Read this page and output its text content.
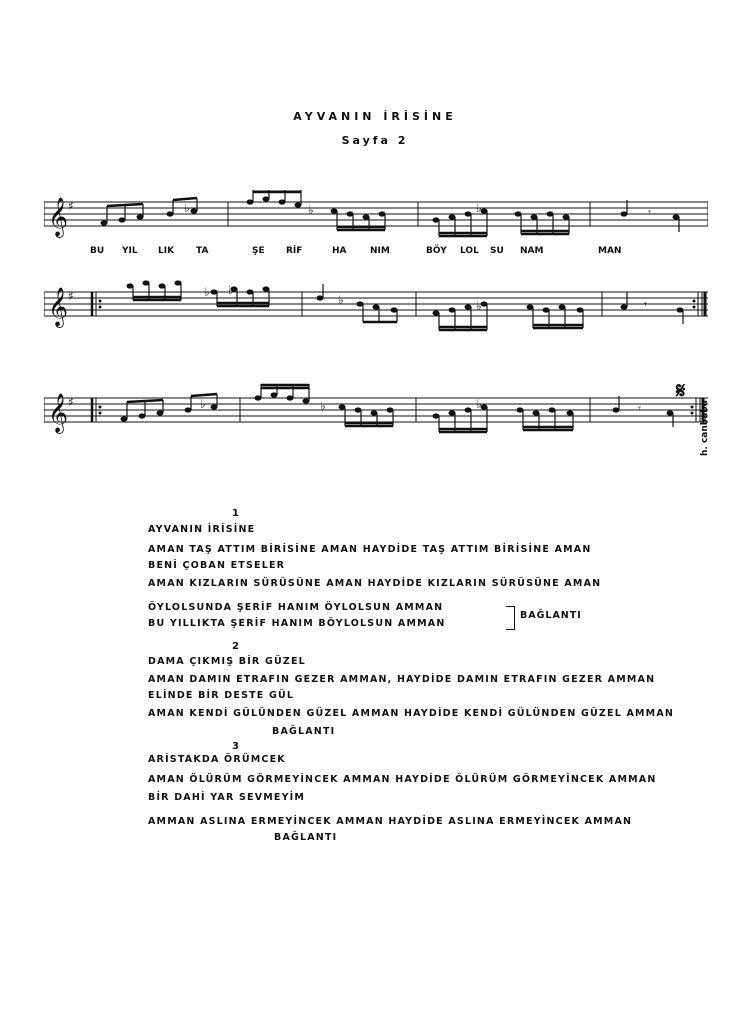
AYVANIN İRİSİNE
Sayfa 2
𝄞 ♯	♭	♭	♭	𝄾
BU YIL LIK TA	ŞE RİF	HA	NIM	BÖY LOL SU NAM	MAN
𝄞 ♯	♭ ♭
♭	♭	𝄾
𝄞 ♯	♭	♭	♭	𝄾
𝄋
h. canbaba
1
AYVANIN İRİSİNE
AMAN TAŞ ATTIM BİRİSİNE AMAN HAYDİDE TAŞ ATTIM BİRİSİNE AMAN
BENİ ÇOBAN ETSELER
AMAN KIZLARIN SÜRÜSÜNE AMAN HAYDİDE KIZLARIN SÜRÜSÜNE AMAN
ÖYLOLSUNDA ŞERİF HANIM ÖYLOLSUN AMMAN
BU YILLIKTA ŞERİF HANIM BÖYLOLSUN AMMAN
BAĞLANTI
2
DAMA ÇIKMIŞ BİR GÜZEL
AMAN DAMIN ETRAFIN GEZER AMMAN, HAYDİDE DAMIN ETRAFIN GEZER AMMAN
ELİNDE BİR DESTE GÜL
AMAN KENDİ GÜLÜNDEN GÜZEL AMMAN HAYDİDE KENDİ GÜLÜNDEN GÜZEL AMMAN
BAĞLANTI
3
ARİSTAKDA ÖRÜMCEK
AMAN ÖLÜRÜM GÖRMEYİNCEK AMMAN HAYDİDE ÖLÜRÜM GÖRMEYİNCEK AMMAN
BİR DAHİ YAR SEVMEYİM
AMMAN ASLINA ERMEYİNCEK AMMAN HAYDİDE ASLINA ERMEYİNCEK AMMAN
BAĞLANTI
